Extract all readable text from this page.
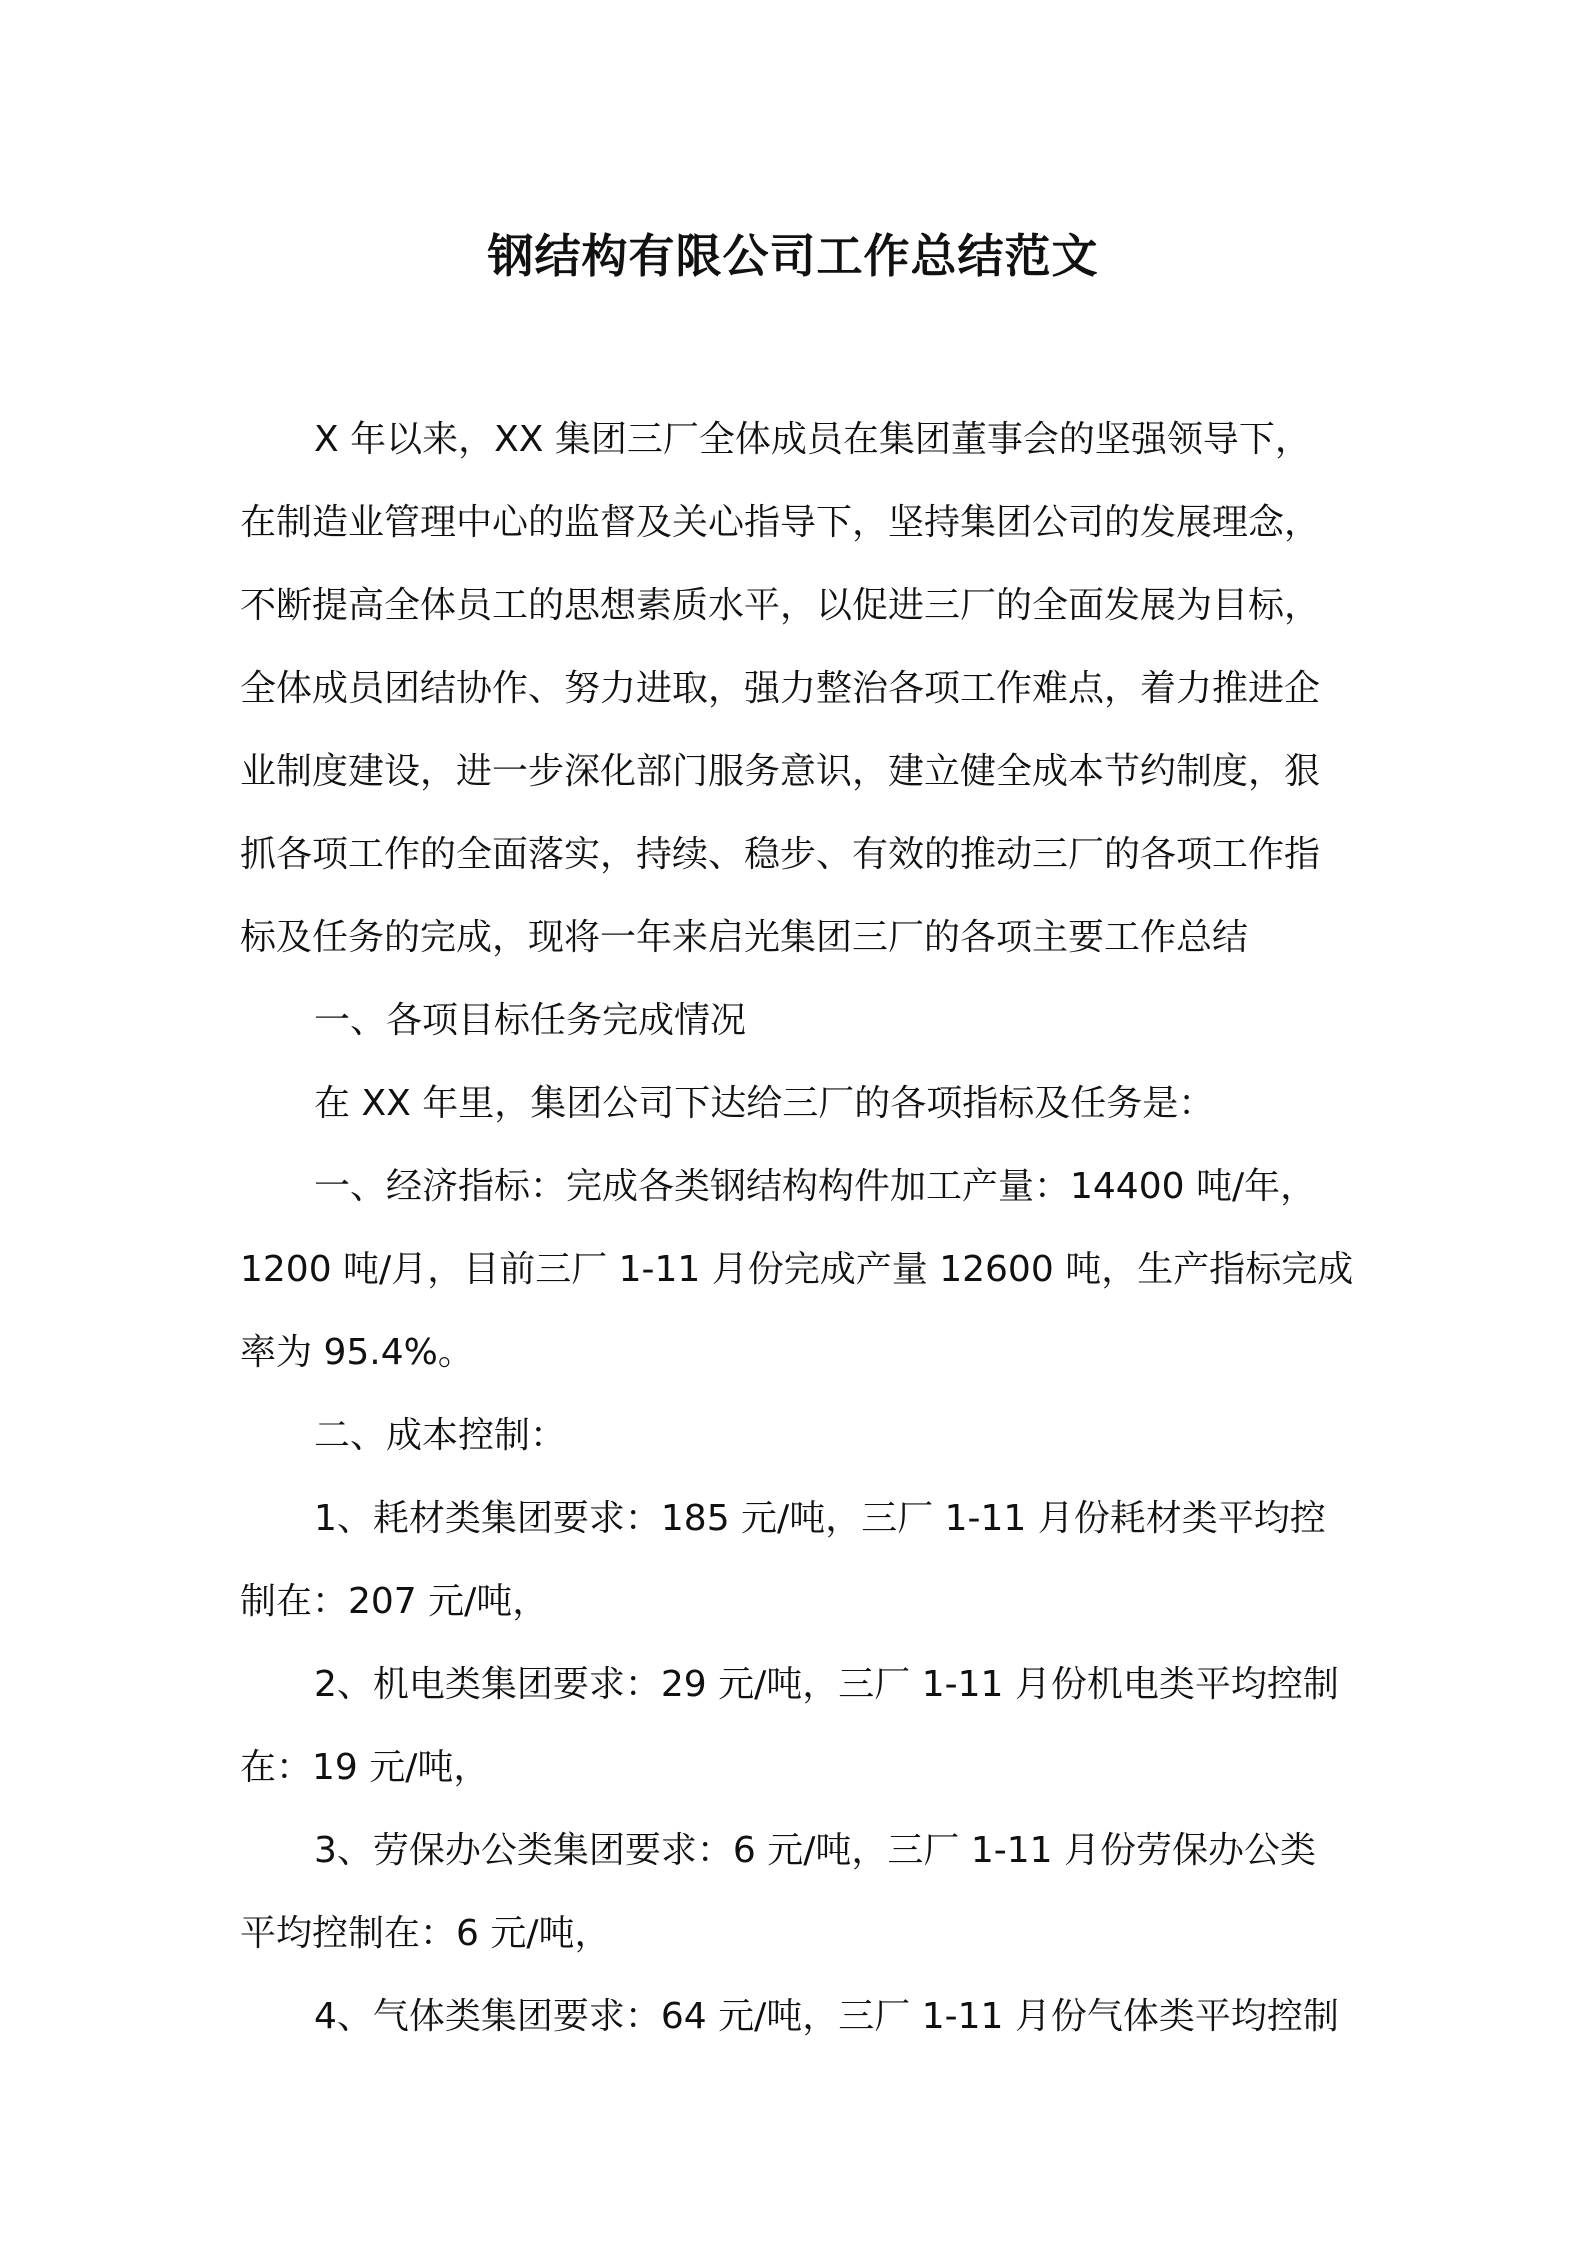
钢结构有限公司工作总结范文
X 年以来，XX 集团三厂全体成员在集团董事会的坚强领导下，
在制造业管理中心的监督及关心指导下，坚持集团公司的发展理念，
不断提高全体员工的思想素质水平，以促进三厂的全面发展为目标，
全体成员团结协作、努力进取，强力整治各项工作难点，着力推进企
业制度建设，进一步深化部门服务意识，建立健全成本节约制度，狠
抓各项工作的全面落实，持续、稳步、有效的推动三厂的各项工作指
标及任务的完成，现将一年来启光集团三厂的各项主要工作总结
一、各项目标任务完成情况
在 XX 年里，集团公司下达给三厂的各项指标及任务是：
一、经济指标：完成各类钢结构构件加工产量：14400 吨/年，
1200 吨/月，目前三厂 1-11 月份完成产量 12600 吨，生产指标完成
率为 95.4%。
二、成本控制：
1、耗材类集团要求：185 元/吨，三厂 1-11 月份耗材类平均控
制在：207 元/吨，
2、机电类集团要求：29 元/吨，三厂 1-11 月份机电类平均控制
在：19 元/吨，
3、劳保办公类集团要求：6 元/吨，三厂 1-11 月份劳保办公类
平均控制在：6 元/吨，
4、气体类集团要求：64 元/吨，三厂 1-11 月份气体类平均控制
